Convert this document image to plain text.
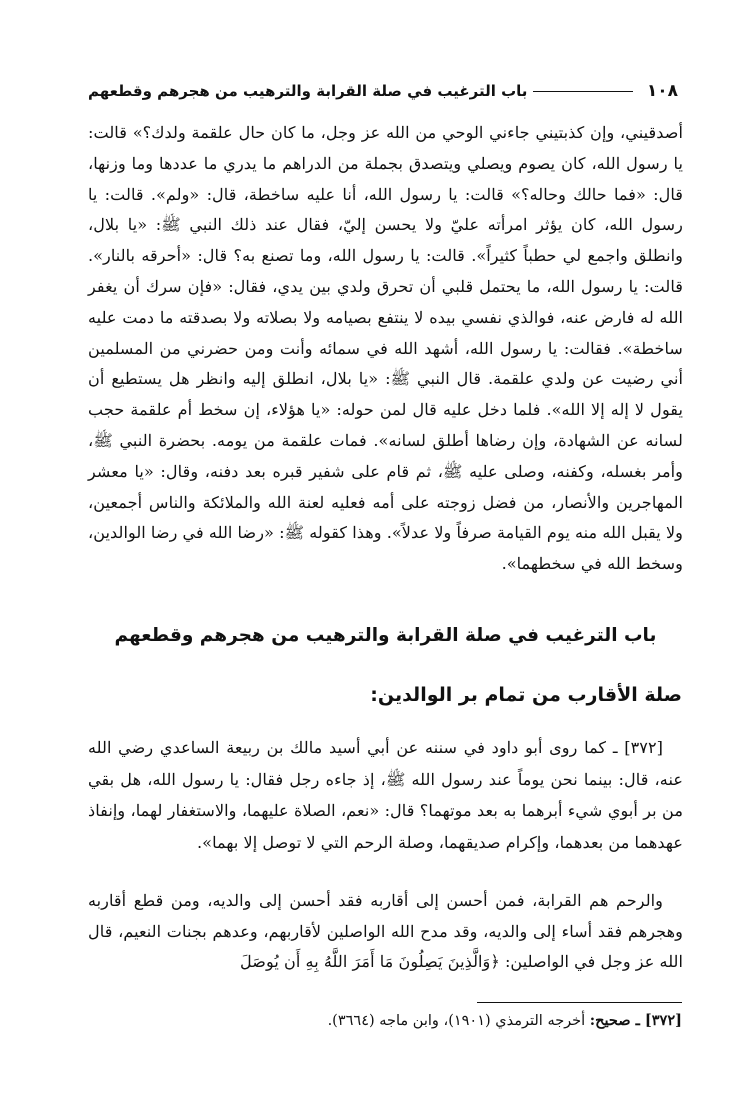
١٠٨
باب الترغيب في صلة القرابة والترهيب من هجرهم وقطعهم

أصدقيني، وإن كذبتيني جاءني الوحي من الله عز وجل، ما كان حال علقمة ولدك؟» قالت: يا رسول الله، كان يصوم ويصلي ويتصدق بجملة من الدراهم ما يدري ما عددها وما وزنها، قال: «فما حالك وحاله؟» قالت: يا رسول الله، أنا عليه ساخطة، قال: «ولم». قالت: يا رسول الله، كان يؤثر امرأته عليّ ولا يحسن إليّ، فقال عند ذلك النبي ﷺ: «يا بلال، وانطلق واجمع لي حطباً كثيراً». قالت: يا رسول الله، وما تصنع به؟ قال: «أحرقه بالنار». قالت: يا رسول الله، ما يحتمل قلبي أن تحرق ولدي بين يدي، فقال: «فإن سرك أن يغفر الله له فارض عنه، فوالذي نفسي بيده لا ينتفع بصيامه ولا بصلاته ولا بصدقته ما دمت عليه ساخطة». فقالت: يا رسول الله، أشهد الله في سمائه وأنت ومن حضرني من المسلمين أني رضيت عن ولدي علقمة. قال النبي ﷺ: «يا بلال، انطلق إليه وانظر هل يستطيع أن يقول لا إله إلا الله». فلما دخل عليه قال لمن حوله: «يا هؤلاء، إن سخط أم علقمة حجب لسانه عن الشهادة، وإن رضاها أطلق لسانه». فمات علقمة من يومه. بحضرة النبي ﷺ، وأمر بغسله، وكفنه، وصلى عليه ﷺ، ثم قام على شفير قبره بعد دفنه، وقال: «يا معشر المهاجرين والأنصار، من فضل زوجته على أمه فعليه لعنة الله والملائكة والناس أجمعين، ولا يقبل الله منه يوم القيامة صرفاً ولا عدلاً». وهذا كقوله ﷺ: «رضا الله في رضا الوالدين، وسخط الله في سخطهما».

باب الترغيب في صلة القرابة والترهيب من هجرهم وقطعهم
صلة الأقارب من تمام بر الوالدين:

[٣٧٢] ـ كما روى أبو داود في سننه عن أبي أسيد مالك بن ربيعة الساعدي رضي الله عنه، قال: بينما نحن يوماً عند رسول الله ﷺ، إذ جاءه رجل فقال: يا رسول الله، هل بقي من بر أبوي شيء أبرهما به بعد موتهما؟ قال: «نعم، الصلاة عليهما، والاستغفار لهما، وإنفاذ عهدهما من بعدهما، وإكرام صديقهما، وصلة الرحم التي لا توصل إلا بهما».

والرحم هم القرابة، فمن أحسن إلى أقاربه فقد أحسن إلى والديه، ومن قطع أقاربه وهجرهم فقد أساء إلى والديه، وقد مدح الله الواصلين لأقاربهم، وعدهم بجنات النعيم، قال الله عز وجل في الواصلين: ﴿وَالَّذِينَ يَصِلُونَ مَا أَمَرَ اللَّهُ بِهِ أَن يُوصَلَ

[٣٧٢] ـ صحيح: أخرجه الترمذي (١٩٠١)، وابن ماجه (٣٦٦٤).
